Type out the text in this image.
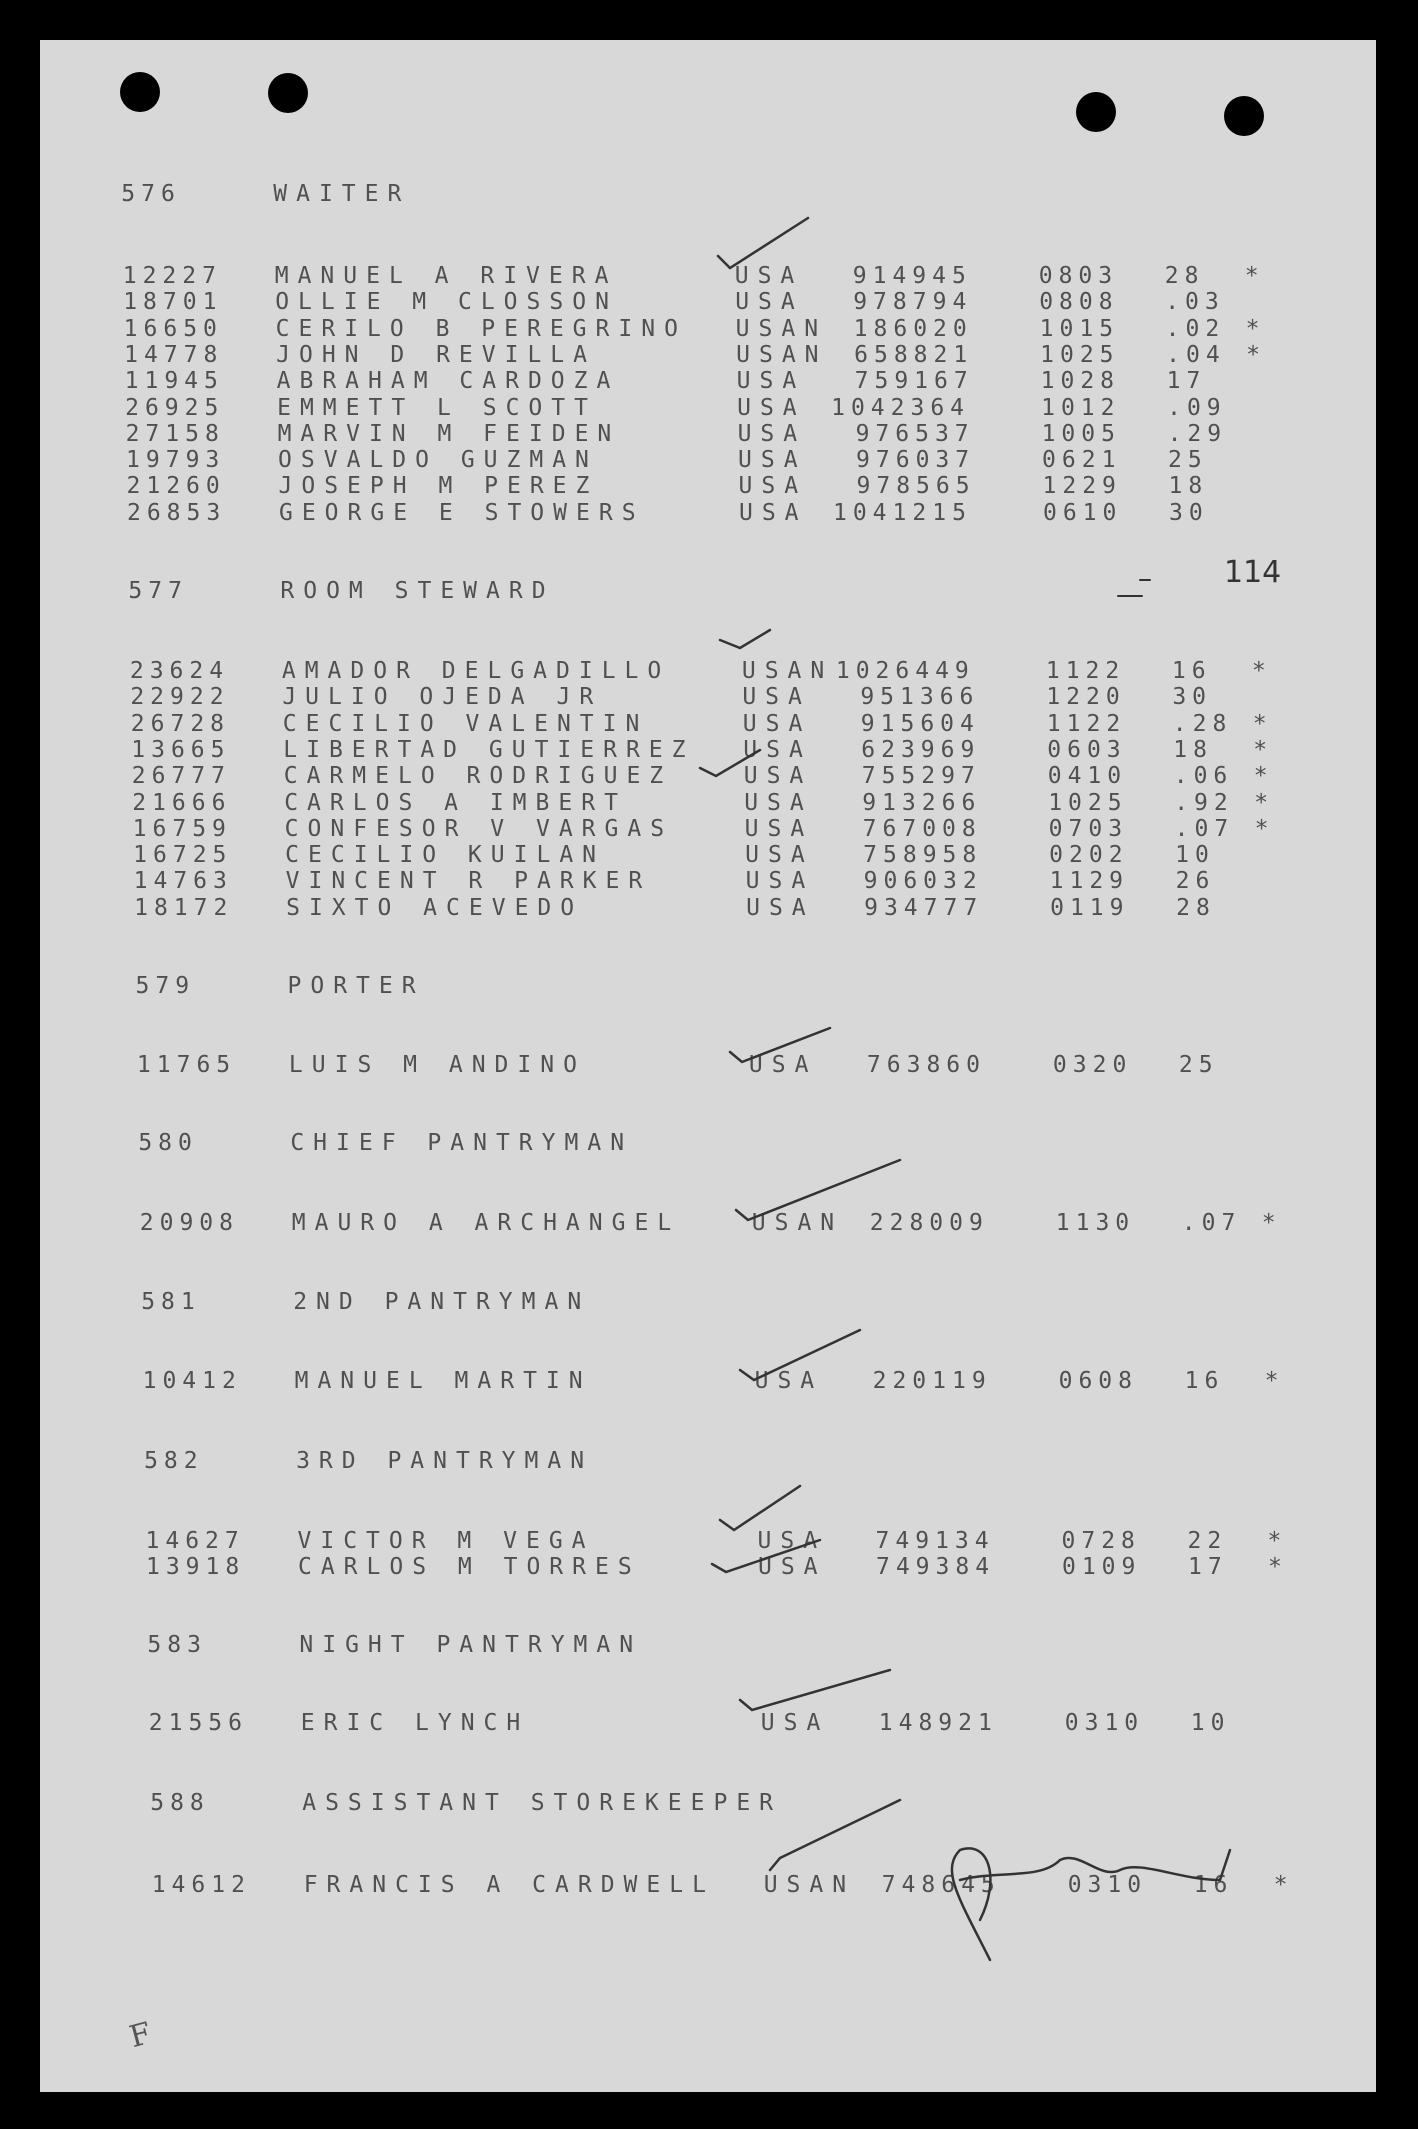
576	WAITER
12227 MANUEL A RIVERA	USA 914945	0803 28 *
18701 OLLIE M CLOSSON	USA 978794	0808 .03
16650 CERILO B PEREGRINO USAN 186020	1015 .02 *
14778 JOHN D REVILLA	USAN 658821	1025 .04 *
11945 ABRAHAM CARDOZA	USA 759167	1028 17
26925 EMMETT L SCOTT	USA 1042364	1012 .09
27158 MARVIN M FEIDEN	USA 976537	1005 .29
19793 OSVALDO GUZMAN	USA 976037	0621 25
21260 JOSEPH M PEREZ	USA 978565	1229 18
26853 GEORGE E STOWERS	USA 1041215	0610 30
577	ROOM STEWARD
23624 AMADOR DELGADILLO	USAN 1026449	1122 16 *
22922 JULIO OJEDA JR	USA 951366	1220 30
26728 CECILIO VALENTIN	USA 915604	1122 .28 *
13665 LIBERTAD GUTIERREZ USA 623969	0603 18 *
26777 CARMELO RODRIGUEZ	USA 755297	0410 .06 *
21666 CARLOS A IMBERT	USA 913266	1025 .92 *
16759 CONFESOR V VARGAS	USA 767008	0703 .07 *
16725 CECILIO KUILAN	USA 758958	0202 10
14763 VINCENT R PARKER	USA 906032	1129 26
18172 SIXTO ACEVEDO	USA 934777	0119 28
579	PORTER
11765 LUIS M ANDINO	USA 763860	0320 25
580	CHIEF PANTRYMAN
20908 MAURO A ARCHANGEL	USAN 228009	1130 .07 *
581	2ND PANTRYMAN
10412 MANUEL MARTIN	USA 220119	0608 16 *
582	3RD PANTRYMAN
14627 VICTOR M VEGA	USA 749134	0728 22 *
13918 CARLOS M TORRES	USA 749384	0109 17 *
583	NIGHT PANTRYMAN
21556 ERIC LYNCH	USA 148921	0310 10
588	ASSISTANT STOREKEEPER
14612 FRANCIS A CARDWELL USAN 748645	0310 16 *
114
F
